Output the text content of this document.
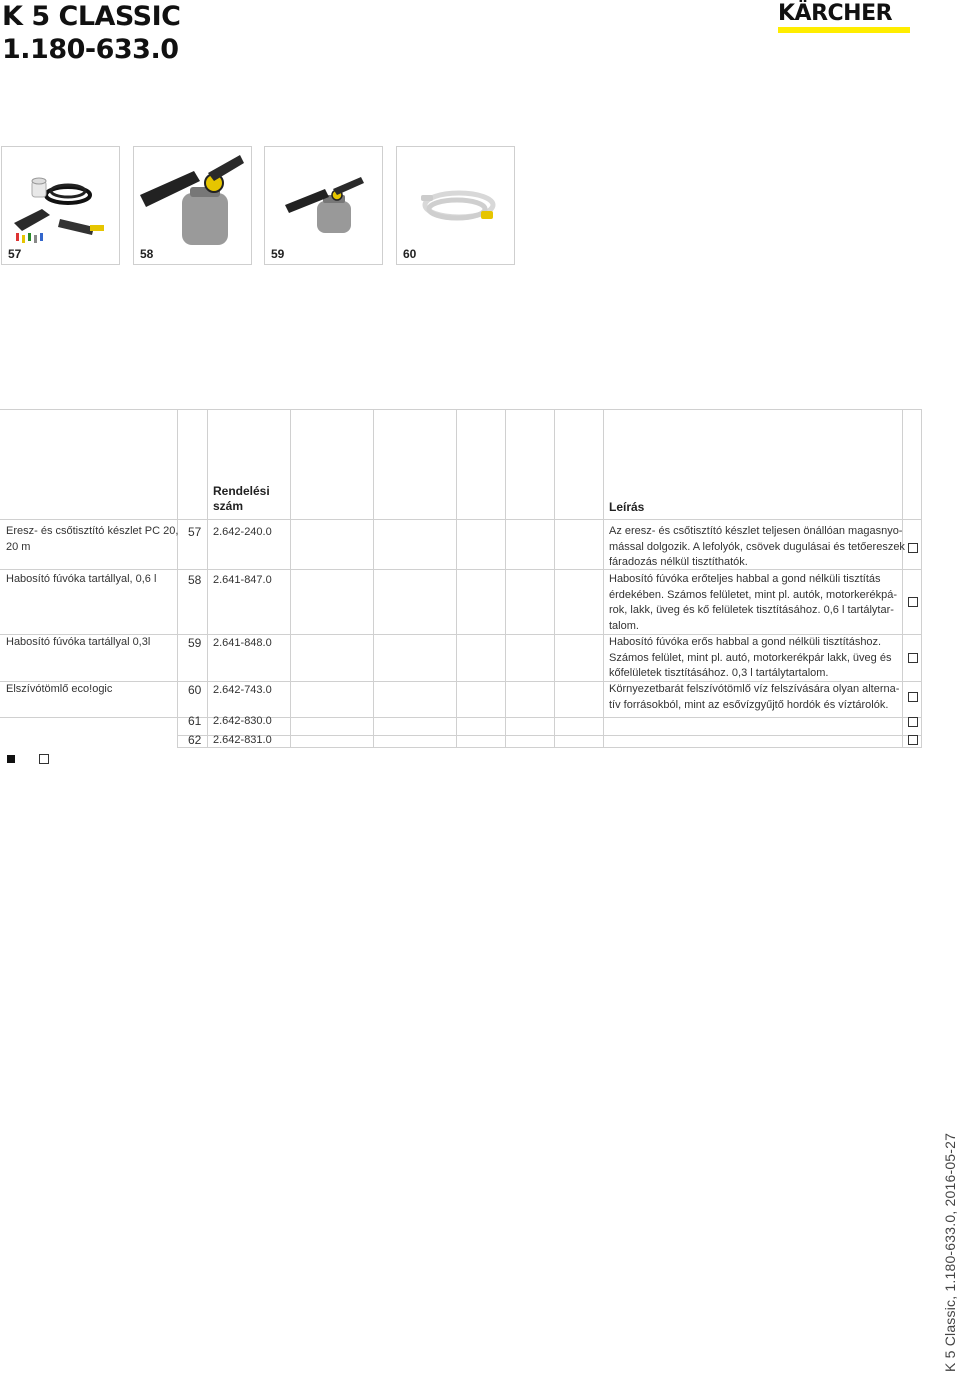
K 5 CLASSIC
1.180-633.0
KÄRCHER
57	58	59	60
Rendelési
szám	Leírás
Eresz- és csőtisztító készlet PC 20,
20 m
57 2.642-240.0	Az eresz- és csőtisztító készlet teljesen önállóan magasnyo-
mással dolgozik. A lefolyók, csövek dugulásai és tetőereszek
fáradozás nélkül tisztíthatók.
Habosító fúvóka tartállyal, 0,6 l	58 2.641-847.0	Habosító fúvóka erőteljes habbal a gond nélküli tisztítás
érdekében. Számos felületet, mint pl. autók, motorkerékpá-
rok, lakk, üveg és kő felületek tisztításához. 0,6 l tartálytar-
talom.
Habosító fúvóka tartállyal 0,3l	59 2.641-848.0	Habosító fúvóka erős habbal a gond nélküli tisztításhoz.
Számos felület, mint pl. autó, motorkerékpár lakk, üveg és
kőfelületek tisztításához. 0,3 l tartálytartalom.
Elszívótömlő eco!ogic	60 2.642-743.0	Környezetbarát felszívótömlő víz felszívására olyan alterna-
tív forrásokból, mint az esővízgyűjtő hordók és víztárolók.
61 2.642-830.0
62 2.642-831.0
K 5 Classic, 1.180-633.0, 2016-05-27
